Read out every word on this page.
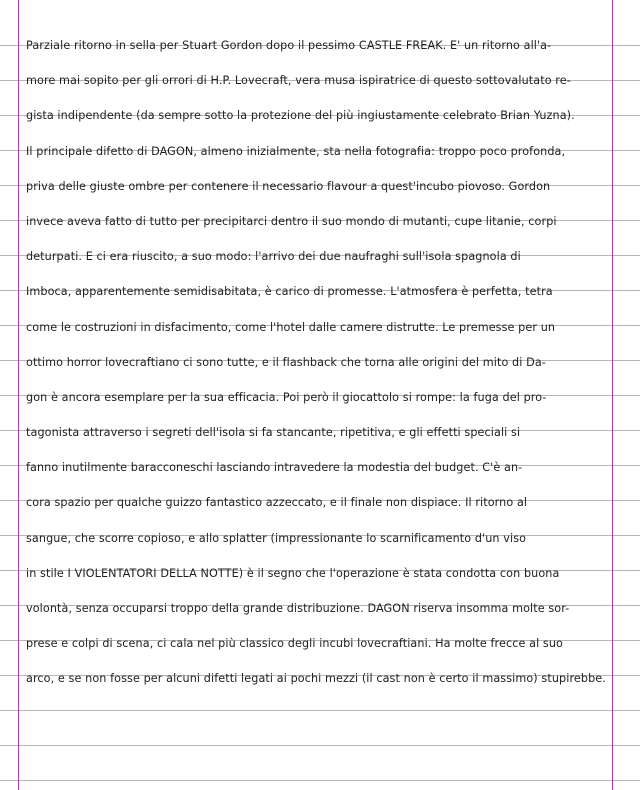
Parziale ritorno in sella per Stuart Gordon dopo il pessimo CASTLE FREAK. E' un ritorno all'a-
more mai sopito per gli orrori di H.P. Lovecraft, vera musa ispiratrice di questo sottovalutato re-
gista indipendente (da sempre sotto la protezione del più ingiustamente celebrato Brian Yuzna).
Il principale difetto di DAGON, almeno inizialmente, sta nella fotografia: troppo poco profonda,
priva delle giuste ombre per contenere il necessario flavour a quest'incubo piovoso. Gordon
invece aveva fatto di tutto per precipitarci dentro il suo mondo di mutanti, cupe litanie, corpi
deturpati. E ci era riuscito, a suo modo: l'arrivo dei due naufraghi sull'isola spagnola di
Imboca, apparentemente semidisabitata, è carico di promesse. L'atmosfera è perfetta, tetra
come le costruzioni in disfacimento, come l'hotel dalle camere distrutte. Le premesse per un
ottimo horror lovecraftiano ci sono tutte, e il flashback che torna alle origini del mito di Da-
gon è ancora esemplare per la sua efficacia. Poi però il giocattolo si rompe: la fuga del pro-
tagonista attraverso i segreti dell'isola si fa stancante, ripetitiva, e gli effetti speciali si
fanno inutilmente baracconeschi lasciando intravedere la modestia del budget. C'è an-
cora spazio per qualche guizzo fantastico azzeccato, e il finale non dispiace. Il ritorno al
sangue, che scorre copioso, e allo splatter (impressionante lo scarnificamento d'un viso
in stile I VIOLENTATORI DELLA NOTTE) è il segno che l'operazione è stata condotta con buona
volontà, senza occuparsi troppo della grande distribuzione. DAGON riserva insomma molte sor-
prese e colpi di scena, ci cala nel più classico degli incubi lovecraftiani. Ha molte frecce al suo
arco, e se non fosse per alcuni difetti legati ai pochi mezzi (il cast non è certo il massimo) stupirebbe.
